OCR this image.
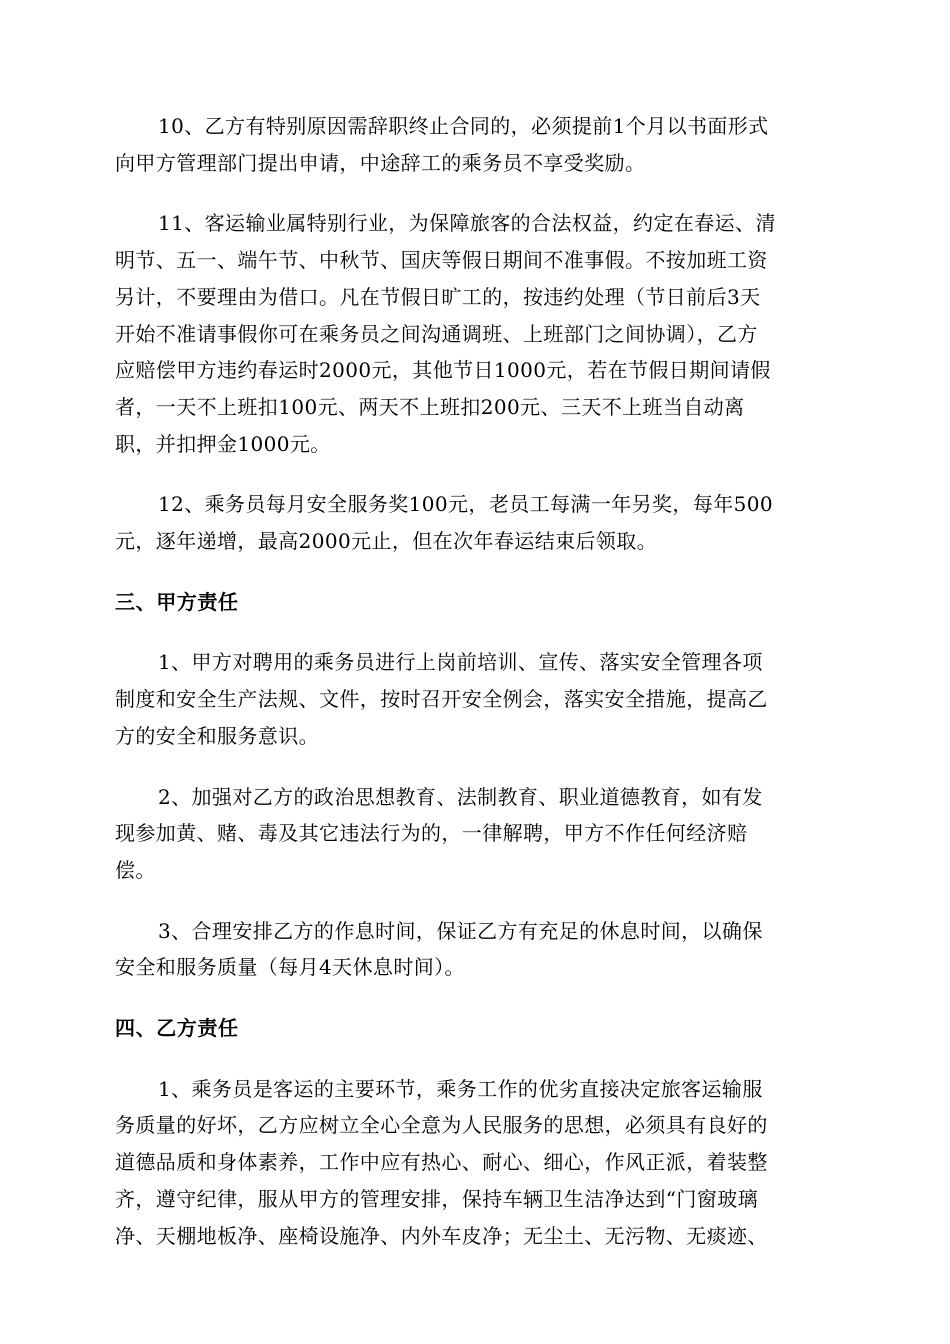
10、乙方有特别原因需辞职终止合同的，必须提前1个月以书面形式
向甲方管理部门提出申请，中途辞工的乘务员不享受奖励。

11、客运输业属特别行业，为保障旅客的合法权益，约定在春运、清
明节、五一、端午节、中秋节、国庆等假日期间不准事假。不按加班工资
另计，不要理由为借口。凡在节假日旷工的，按违约处理（节日前后3天
开始不准请事假你可在乘务员之间沟通调班、上班部门之间协调），乙方
应赔偿甲方违约春运时2000元，其他节日1000元，若在节假日期间请假
者，一天不上班扣100元、两天不上班扣200元、三天不上班当自动离
职，并扣押金1000元。

12、乘务员每月安全服务奖100元，老员工每满一年另奖，每年500
元，逐年递增，最高2000元止，但在次年春运结束后领取。

三、甲方责任

1、甲方对聘用的乘务员进行上岗前培训、宣传、落实安全管理各项
制度和安全生产法规、文件，按时召开安全例会，落实安全措施，提高乙
方的安全和服务意识。

2、加强对乙方的政治思想教育、法制教育、职业道德教育，如有发
现参加黄、赌、毒及其它违法行为的，一律解聘，甲方不作任何经济赔
偿。

3、合理安排乙方的作息时间，保证乙方有充足的休息时间，以确保
安全和服务质量（每月4天休息时间）。

四、乙方责任

1、乘务员是客运的主要环节，乘务工作的优劣直接决定旅客运输服
务质量的好坏，乙方应树立全心全意为人民服务的思想，必须具有良好的
道德品质和身体素养，工作中应有热心、耐心、细心，作风正派，着装整
齐，遵守纪律，服从甲方的管理安排，保持车辆卫生洁净达到“门窗玻璃
净、天棚地板净、座椅设施净、内外车皮净；无尘土、无污物、无痰迹、
